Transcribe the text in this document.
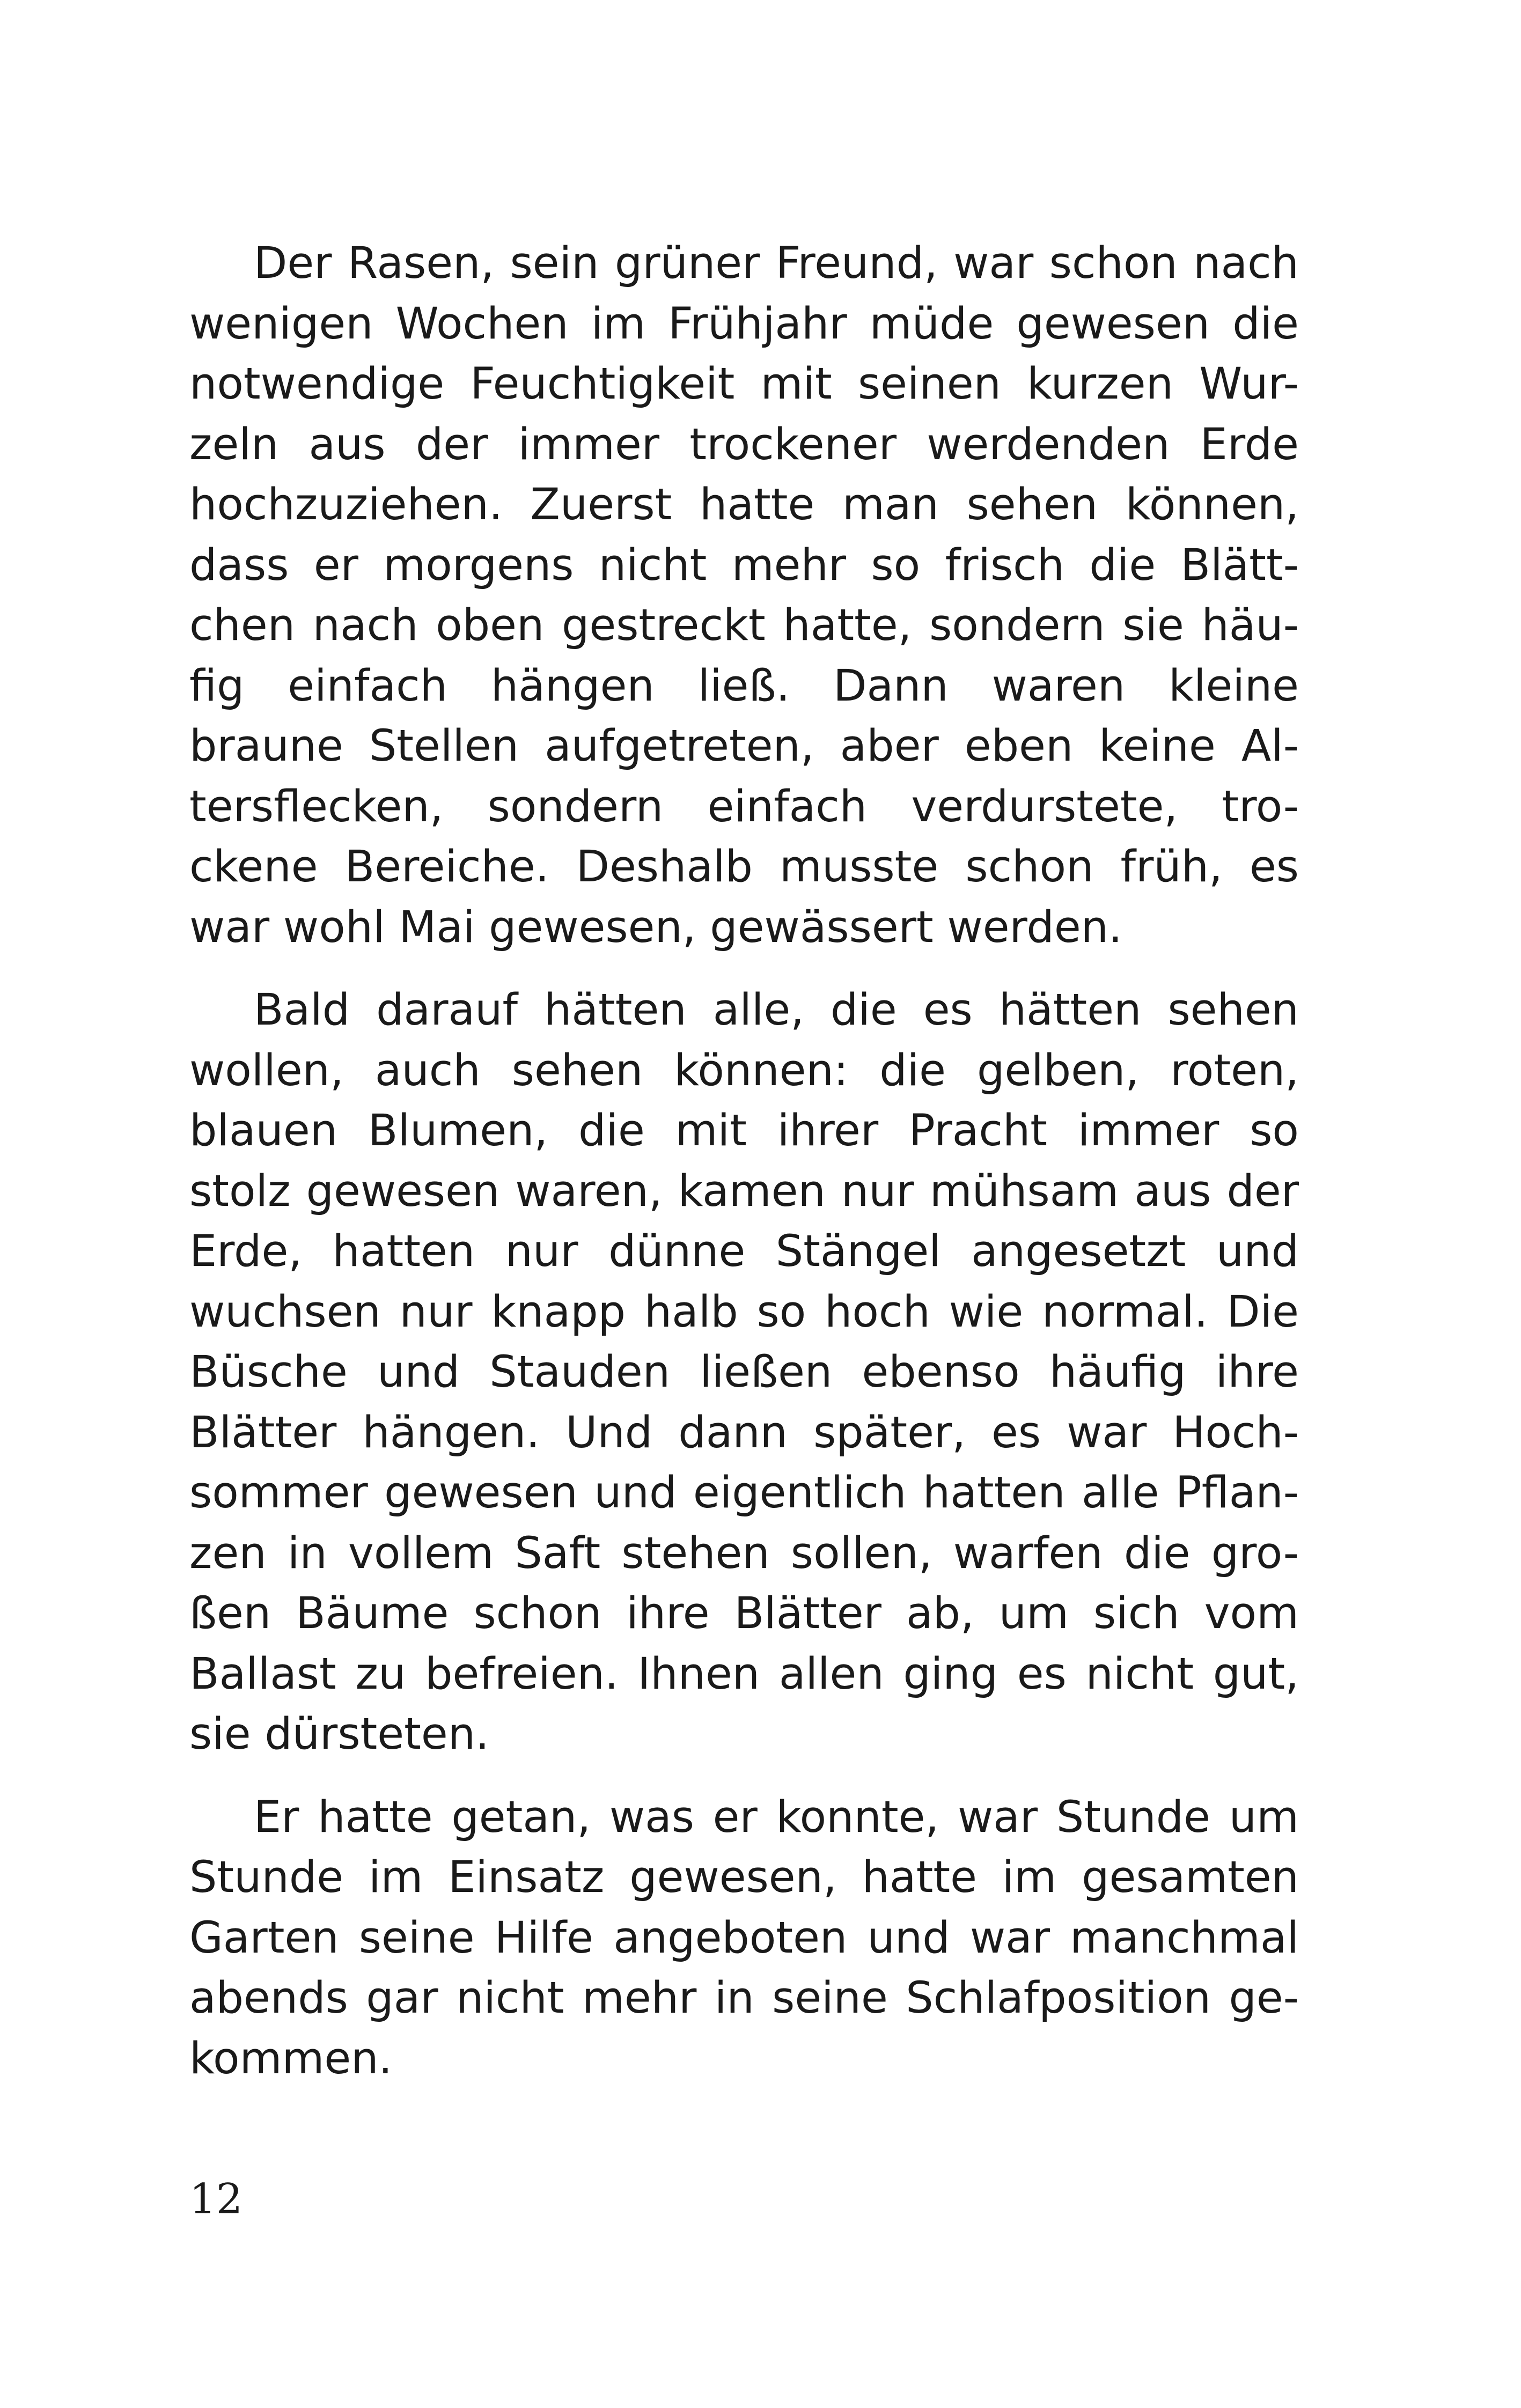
Der Rasen, sein grüner Freund, war schon nach
wenigen Wochen im Frühjahr müde gewesen die
notwendige Feuchtigkeit mit seinen kurzen Wur-
zeln aus der immer trockener werdenden Erde
hochzuziehen. Zuerst hatte man sehen können,
dass er morgens nicht mehr so frisch die Blätt-
chen nach oben gestreckt hatte, sondern sie häu-
fig einfach hängen ließ. Dann waren kleine
braune Stellen aufgetreten, aber eben keine Al-
tersflecken, sondern einfach verdurstete, tro-
ckene Bereiche. Deshalb musste schon früh, es
war wohl Mai gewesen, gewässert werden.
Bald darauf hätten alle, die es hätten sehen
wollen, auch sehen können: die gelben, roten,
blauen Blumen, die mit ihrer Pracht immer so
stolz gewesen waren, kamen nur mühsam aus der
Erde, hatten nur dünne Stängel angesetzt und
wuchsen nur knapp halb so hoch wie normal. Die
Büsche und Stauden ließen ebenso häufig ihre
Blätter hängen. Und dann später, es war Hoch-
sommer gewesen und eigentlich hatten alle Pflan-
zen in vollem Saft stehen sollen, warfen die gro-
ßen Bäume schon ihre Blätter ab, um sich vom
Ballast zu befreien. Ihnen allen ging es nicht gut,
sie dürsteten.
Er hatte getan, was er konnte, war Stunde um
Stunde im Einsatz gewesen, hatte im gesamten
Garten seine Hilfe angeboten und war manchmal
abends gar nicht mehr in seine Schlafposition ge-
kommen.
12
